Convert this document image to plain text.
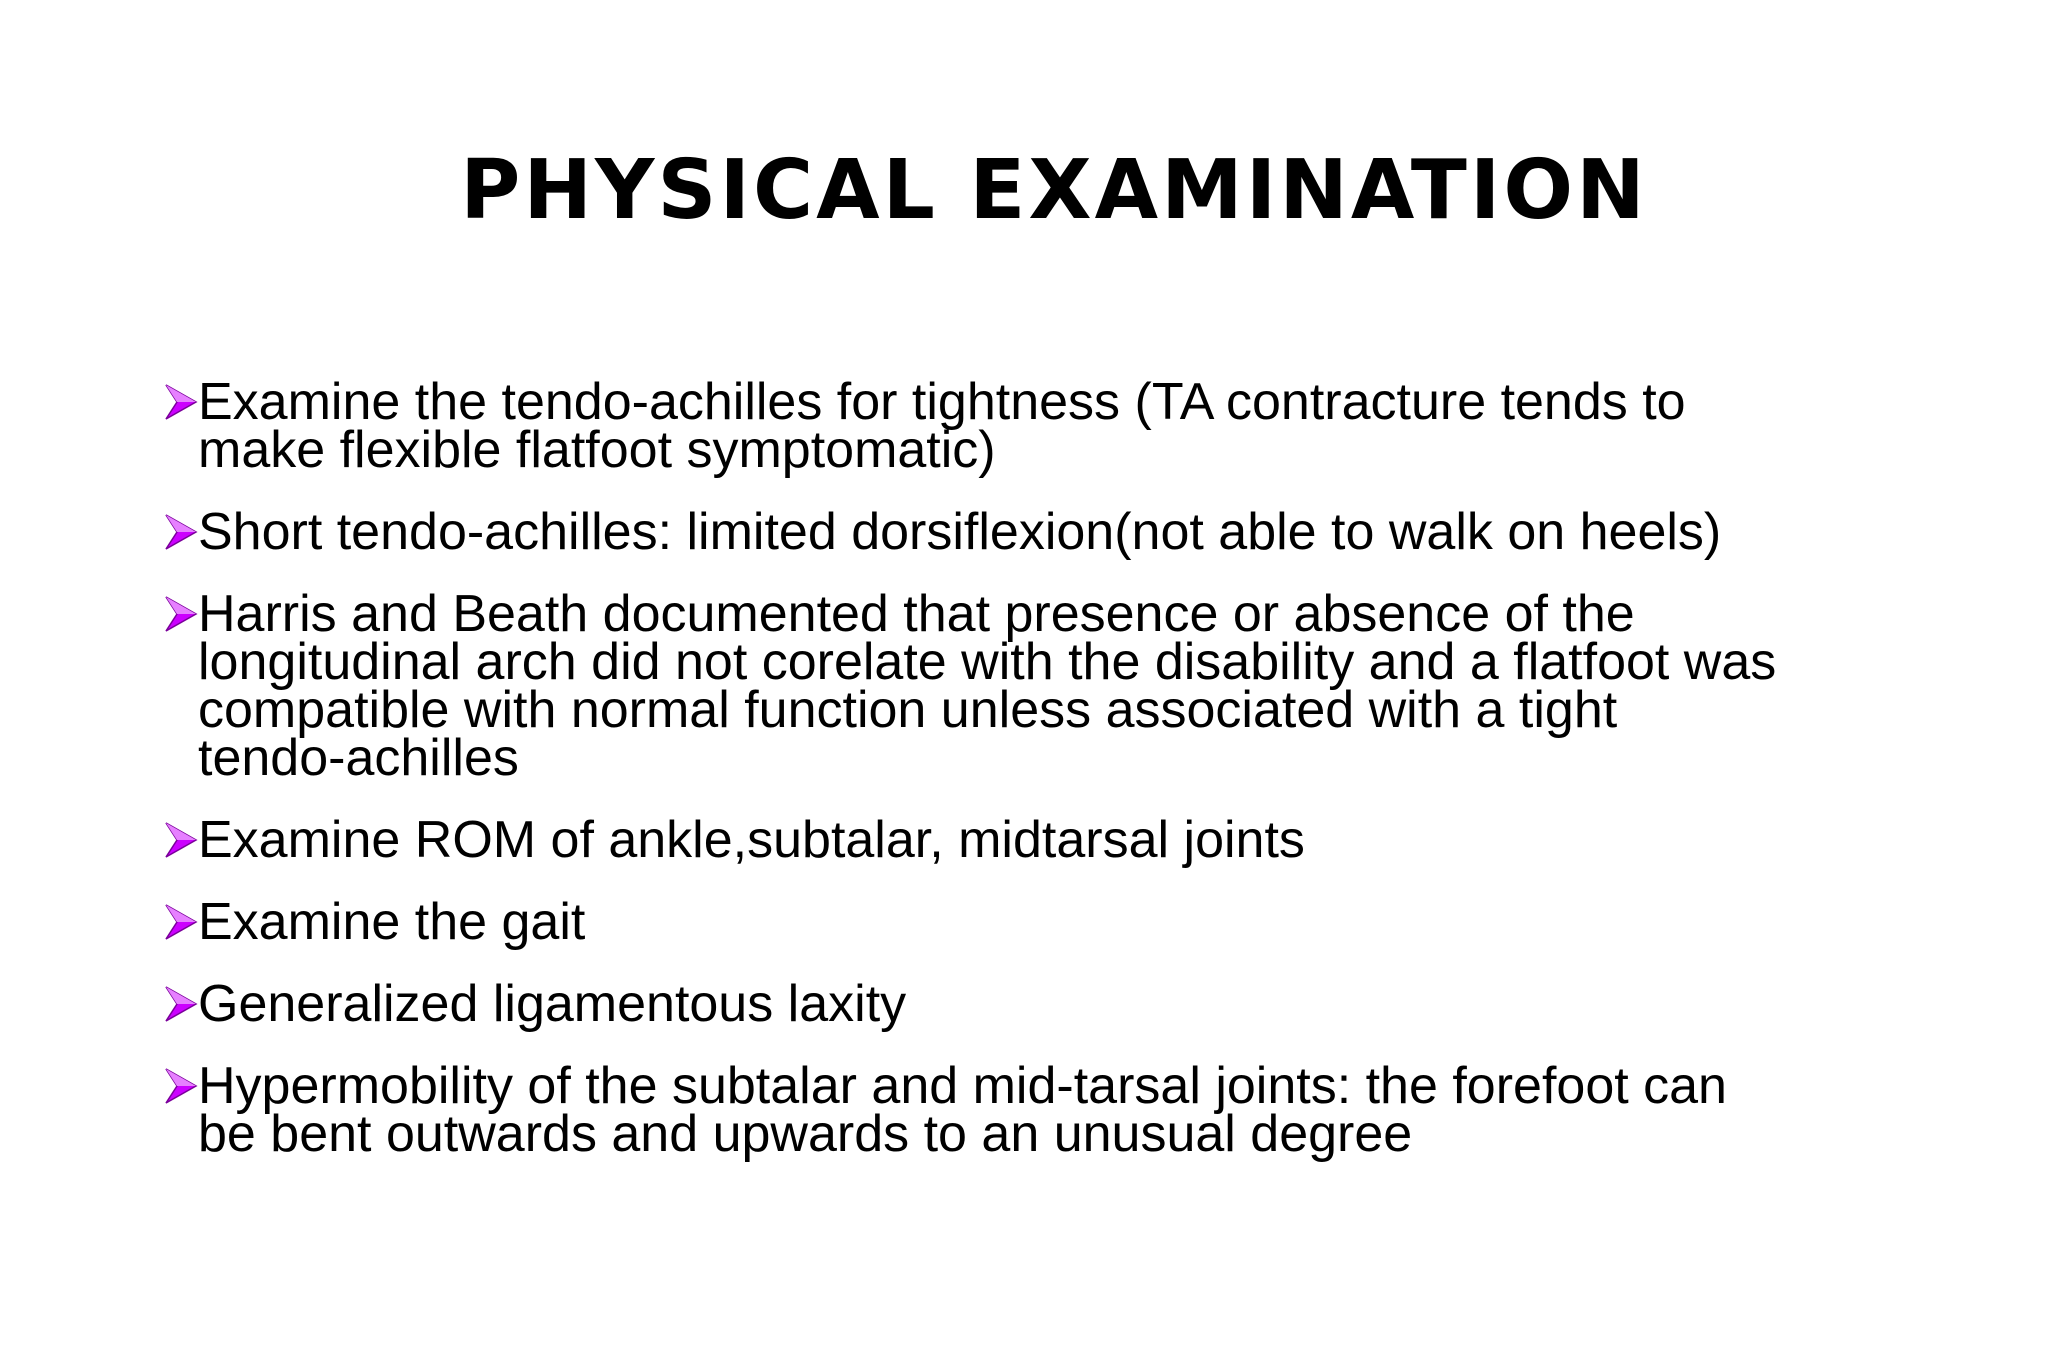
PHYSICAL EXAMINATION
Examine the tendo-achilles for tightness (TA contracture tends to
make flexible flatfoot symptomatic)
Short tendo-achilles: limited dorsiflexion(not able to walk on heels)
Harris and Beath documented that presence or absence of the
longitudinal arch did not corelate with the disability and a flatfoot was
compatible with normal function unless associated with a tight
tendo-achilles
Examine ROM of ankle,subtalar, midtarsal joints
Examine the gait
Generalized ligamentous laxity
Hypermobility of the subtalar and mid-tarsal joints: the forefoot can
be bent outwards and upwards to an unusual degree
